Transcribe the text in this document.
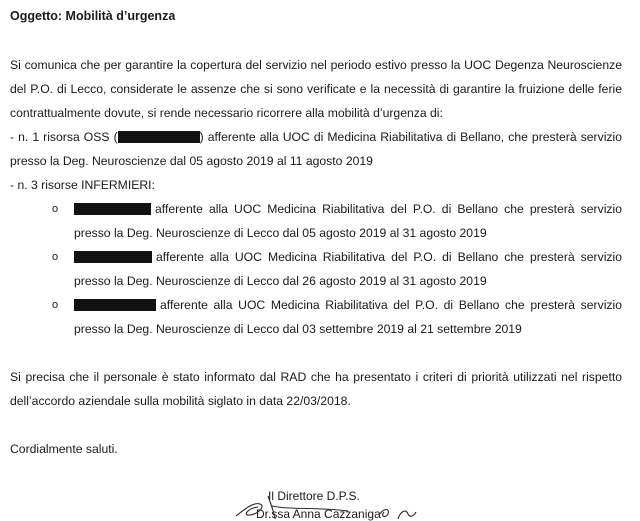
Oggetto: Mobilità d’urgenza
Si comunica che per garantire la copertura del servizio nel periodo estivo presso la UOC Degenza Neuroscienze
del P.O. di Lecco, considerate le assenze che si sono verificate e la necessità di garantire la fruizione delle ferie
contrattualmente dovute, si rende necessario ricorrere alla mobilità d’urgenza di:
- n. 1 risorsa OSS (	) afferente alla UOC di Medicina Riabilitativa di Bellano, che presterà servizio
presso la Deg. Neuroscienze dal 05 agosto 2019 al 11 agosto 2019
- n. 3 risorse INFERMIERI:
o	afferente alla UOC Medicina Riabilitativa del P.O. di Bellano che presterà servizio
presso la Deg. Neuroscienze di Lecco dal 05 agosto 2019 al 31 agosto 2019
o	afferente alla UOC Medicina Riabilitativa del P.O. di Bellano che presterà servizio
presso la Deg. Neuroscienze di Lecco dal 26 agosto 2019 al 31 agosto 2019
o	afferente alla UOC Medicina Riabilitativa del P.O. di Bellano che presterà servizio
presso la Deg. Neuroscienze di Lecco dal 03 settembre 2019 al 21 settembre 2019
Si precisa che il personale è stato informato dal RAD che ha presentato i criteri di priorità utilizzati nel rispetto
dell’accordo aziendale sulla mobilità siglato in data 22/03/2018.
Cordialmente saluti.
Il Direttore D.P.S.
Dr.ssa Anna Cazzaniga
